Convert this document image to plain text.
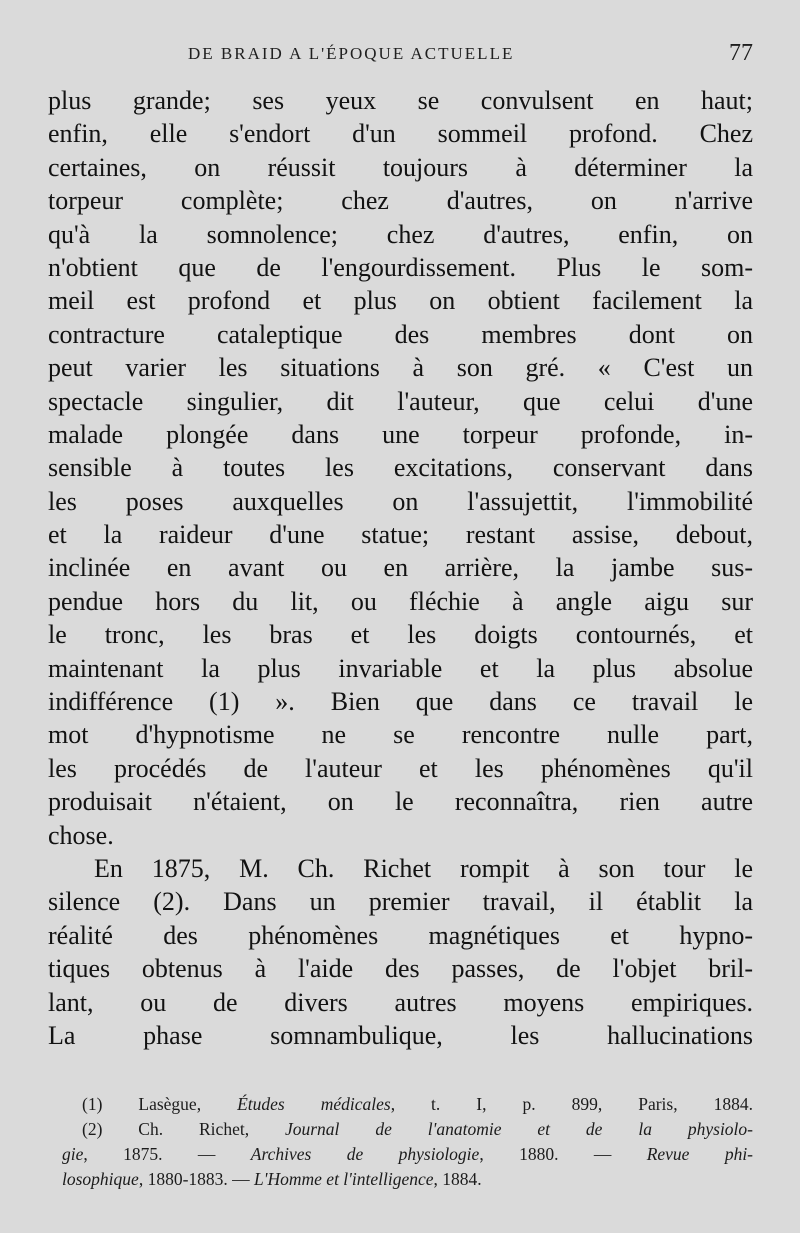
DE BRAID A L'ÉPOQUE ACTUELLE	77
plus grande; ses yeux se convulsent en haut;
enfin, elle s'endort d'un sommeil profond. Chez
certaines, on réussit toujours à déterminer la
torpeur complète; chez d'autres, on n'arrive
qu'à la somnolence; chez d'autres, enfin, on
n'obtient que de l'engourdissement. Plus le som-
meil est profond et plus on obtient facilement la
contracture cataleptique des membres dont on
peut varier les situations à son gré. « C'est un
spectacle singulier, dit l'auteur, que celui d'une
malade plongée dans une torpeur profonde, in-
sensible à toutes les excitations, conservant dans
les poses auxquelles on l'assujettit, l'immobilité
et la raideur d'une statue; restant assise, debout,
inclinée en avant ou en arrière, la jambe sus-
pendue hors du lit, ou fléchie à angle aigu sur
le tronc, les bras et les doigts contournés, et
maintenant la plus invariable et la plus absolue
indifférence (1) ». Bien que dans ce travail le
mot d'hypnotisme ne se rencontre nulle part,
les procédés de l'auteur et les phénomènes qu'il
produisait n'étaient, on le reconnaîtra, rien autre
chose.
En 1875, M. Ch. Richet rompit à son tour le
silence (2). Dans un premier travail, il établit la
réalité des phénomènes magnétiques et hypno-
tiques obtenus à l'aide des passes, de l'objet bril-
lant, ou de divers autres moyens empiriques.
La phase somnambulique, les hallucinations
(1) Lasègue, Études médicales, t. I, p. 899, Paris, 1884.
(2) Ch. Richet, Journal de l'anatomie et de la physiolo-
gie, 1875. — Archives de physiologie, 1880. — Revue phi-
losophique, 1880-1883. — L'Homme et l'intelligence, 1884.
